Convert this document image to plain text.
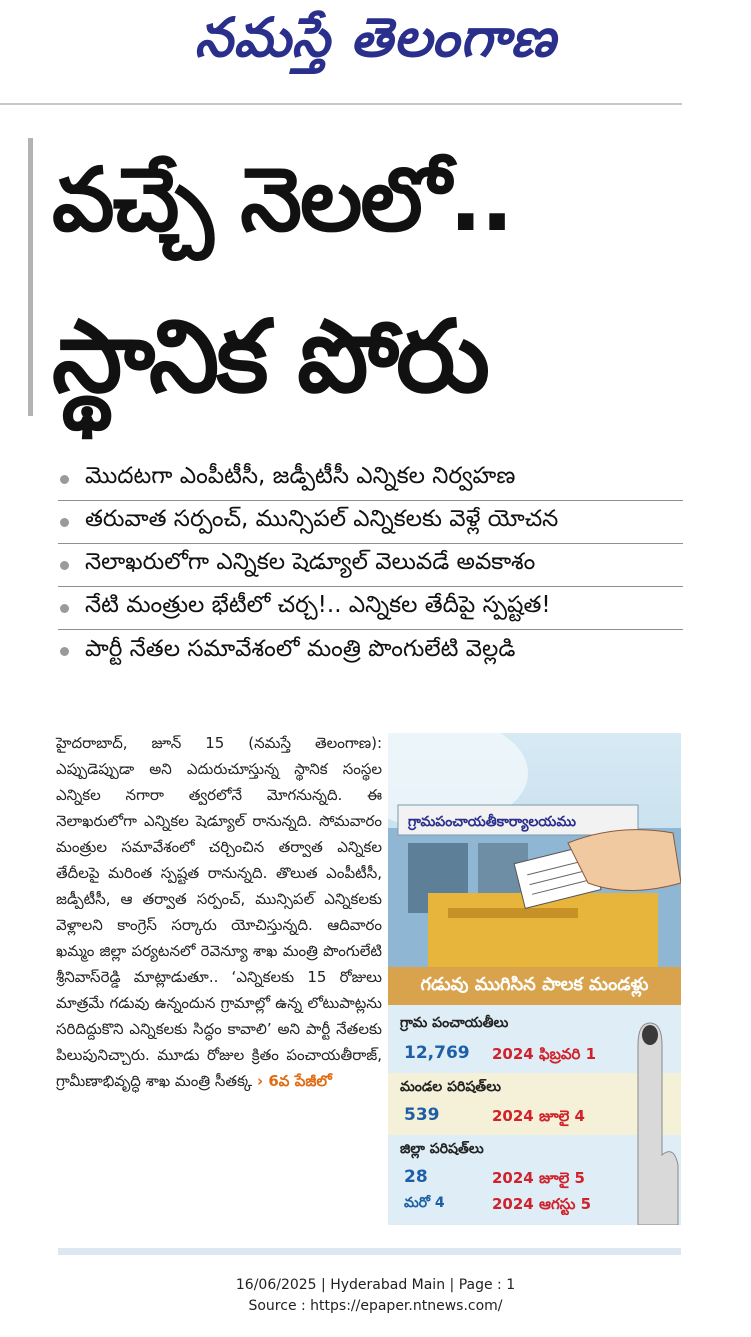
నమస్తే తెలంగాణ
వచ్చే నెలలో..
స్థానిక పోరు
మొదటగా ఎంపీటీసీ, జడ్పీటీసీ ఎన్నికల నిర్వహణ
తరువాత సర్పంచ్, మున్సిపల్ ఎన్నికలకు వెళ్లే యోచన
నెలాఖరులోగా ఎన్నికల షెడ్యూల్ వెలువడే అవకాశం
నేటి మంత్రుల భేటీలో చర్చ!.. ఎన్నికల తేదీపై స్పష్టత!
పార్టీ నేతల సమావేశంలో మంత్రి పొంగులేటి వెల్లడి

హైదరాబాద్, జూన్ 15 (నమస్తే తెలంగాణ): ఎప్పుడెప్పుడా అని ఎదురుచూస్తున్న స్థానిక సంస్థల ఎన్నికల నగారా త్వరలోనే మోగనున్నది. ఈ నెలాఖరులోగా ఎన్నికల షెడ్యూల్ రానున్నది. సోమవారం మంత్రుల సమావేశంలో చర్చించిన తర్వాత ఎన్నికల తేదీలపై మరింత స్పష్టత రానున్నది. తొలుత ఎంపీటీసీ, జడ్పీటీసీ, ఆ తర్వాత సర్పంచ్, మున్సిపల్ ఎన్నికలకు వెళ్లాలని కాంగ్రెస్ సర్కారు యోచిస్తున్నది. ఆదివారం ఖమ్మం జిల్లా పర్యటనలో రెవెన్యూ శాఖ మంత్రి పొంగులేటి శ్రీనివాస్‌రెడ్డి మాట్లాడుతూ.. ‘ఎన్నికలకు 15 రోజులు మాత్రమే గడువు ఉన్నందున గ్రామాల్లో ఉన్న లోటుపాట్లను సరిదిద్దుకొని ఎన్నికలకు సిద్ధం కావాలి’ అని పార్టీ నేతలకు పిలుపునిచ్చారు. మూడు రోజుల క్రితం పంచాయతీరాజ్, గ్రామీణాభివృద్ధి శాఖ మంత్రి సీతక్క › 6వ పేజీలో

గ్రామపంచాయతీకార్యాలయము
గడువు ముగిసిన పాలక మండళ్లు
గ్రామ పంచాయతీలు
12,769 2024 ఫిబ్రవరి 1
మండల పరిషత్‌లు
539	2024 జూలై 4
జిల్లా పరిషత్‌లు
28	2024 జూలై 5
మరో 4	2024 ఆగస్టు 5
16/06/2025 | Hyderabad Main | Page : 1
Source : https://epaper.ntnews.com/
